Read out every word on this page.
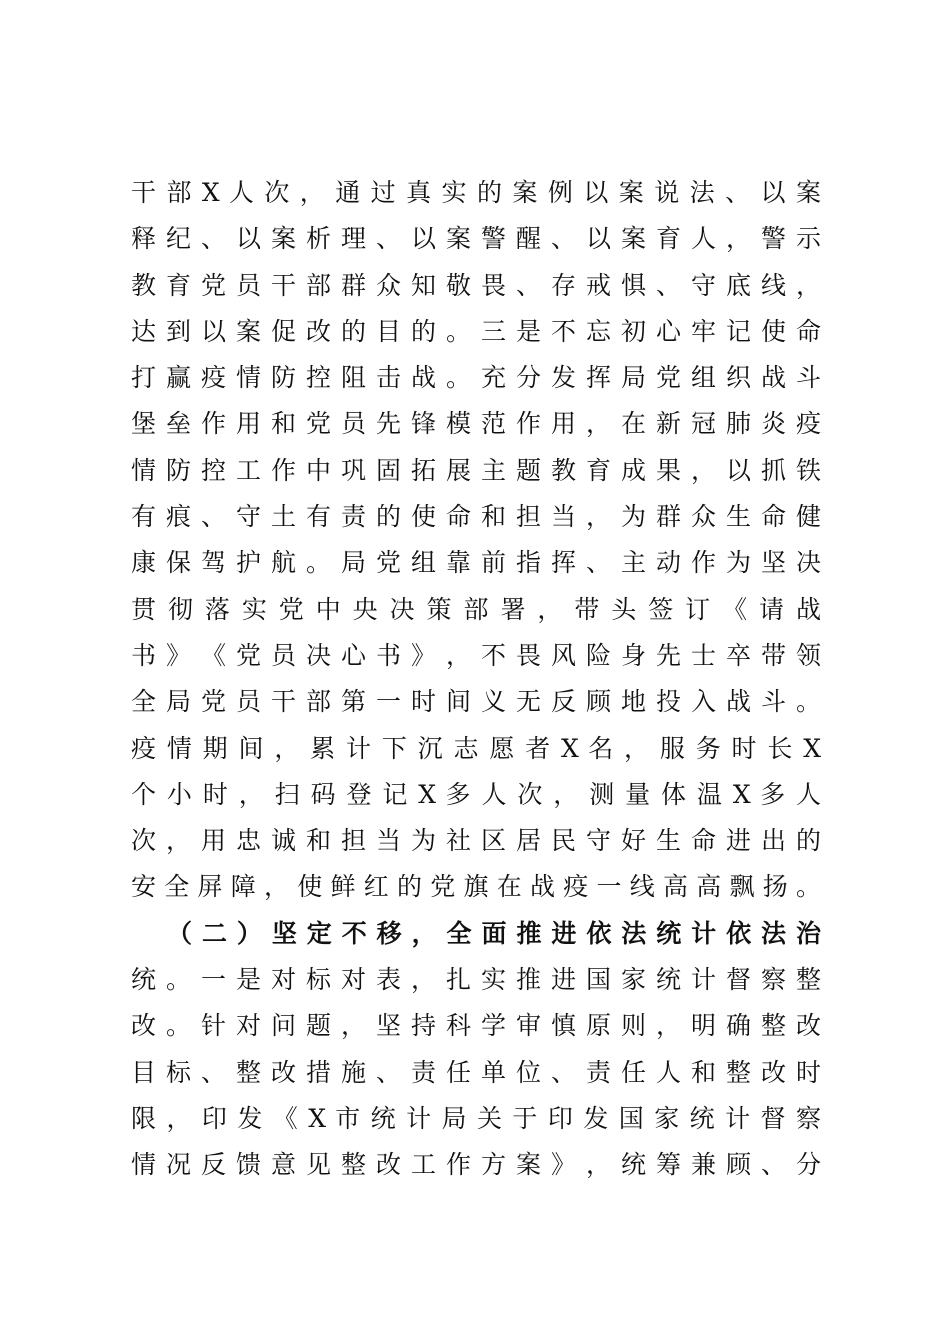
干 部 X 人 次 ， 通 过 真 实 的 案 例 以 案 说 法 、 以 案
释 纪 、 以 案 析 理 、 以 案 警 醒 、 以 案 育 人 ， 警 示
教 育 党 员 干 部 群 众 知 敬 畏 、 存 戒 惧 、 守 底 线 ，
达 到 以 案 促 改 的 目 的 。 三 是 不 忘 初 心 牢 记 使 命
打 赢 疫 情 防 控 阻 击 战 。 充 分 发 挥 局 党 组 织 战 斗
堡 垒 作 用 和 党 员 先 锋 模 范 作 用 ， 在 新 冠 肺 炎 疫
情 防 控 工 作 中 巩 固 拓 展 主 题 教 育 成 果 ， 以 抓 铁
有 痕 、 守 土 有 责 的 使 命 和 担 当 ， 为 群 众 生 命 健
康 保 驾 护 航 。 局 党 组 靠 前 指 挥 、 主 动 作 为 坚 决
贯 彻 落 实 党 中 央 决 策 部 署 ， 带 头 签 订 《 请 战
书 》 《 党 员 决 心 书 》 ， 不 畏 风 险 身 先 士 卒 带 领
全 局 党 员 干 部 第 一 时 间 义 无 反 顾 地 投 入 战 斗 。
疫 情 期 间 ， 累 计 下 沉 志 愿 者 X 名 ， 服 务 时 长 X
个 小 时 ， 扫 码 登 记 X 多 人 次 ， 测 量 体 温 X 多 人
次 ， 用 忠 诚 和 担 当 为 社 区 居 民 守 好 生 命 进 出 的
安 全 屏 障 ， 使 鲜 红 的 党 旗 在 战 疫 一 线 高 高 飘 扬 。
（ 二 ） 坚 定 不 移 ， 全 面 推 进 依 法 统 计 依 法 治
统 。 一 是 对 标 对 表 ， 扎 实 推 进 国 家 统 计 督 察 整
改 。 针 对 问 题 ， 坚 持 科 学 审 慎 原 则 ， 明 确 整 改
目 标 、 整 改 措 施 、 责 任 单 位 、 责 任 人 和 整 改 时
限 ， 印 发 《 X 市 统 计 局 关 于 印 发 国 家 统 计 督 察
情 况 反 馈 意 见 整 改 工 作 方 案 》 ， 统 筹 兼 顾 、 分
